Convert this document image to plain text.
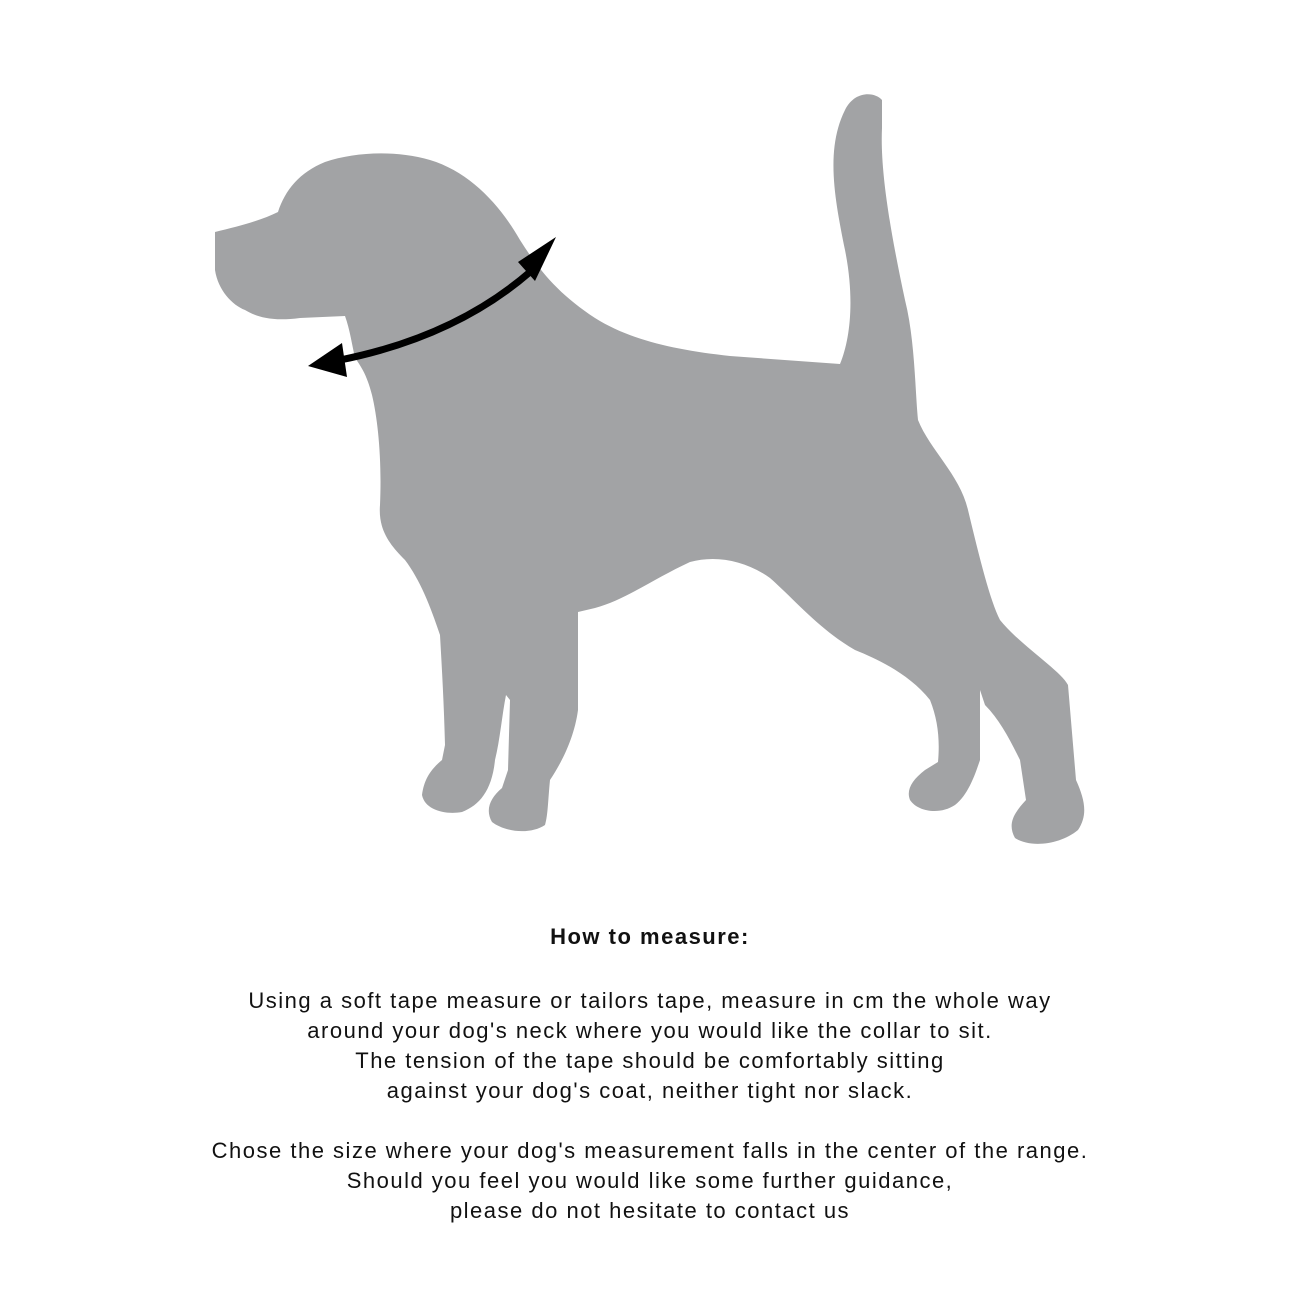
How to measure:
Using a soft tape measure or tailors tape, measure in cm the whole way
around your dog's neck where you would like the collar to sit.
The tension of the tape should be comfortably sitting
against your dog's coat, neither tight nor slack.
Chose the size where your dog's measurement falls in the center of the range.
Should you feel you would like some further guidance,
please do not hesitate to contact us
